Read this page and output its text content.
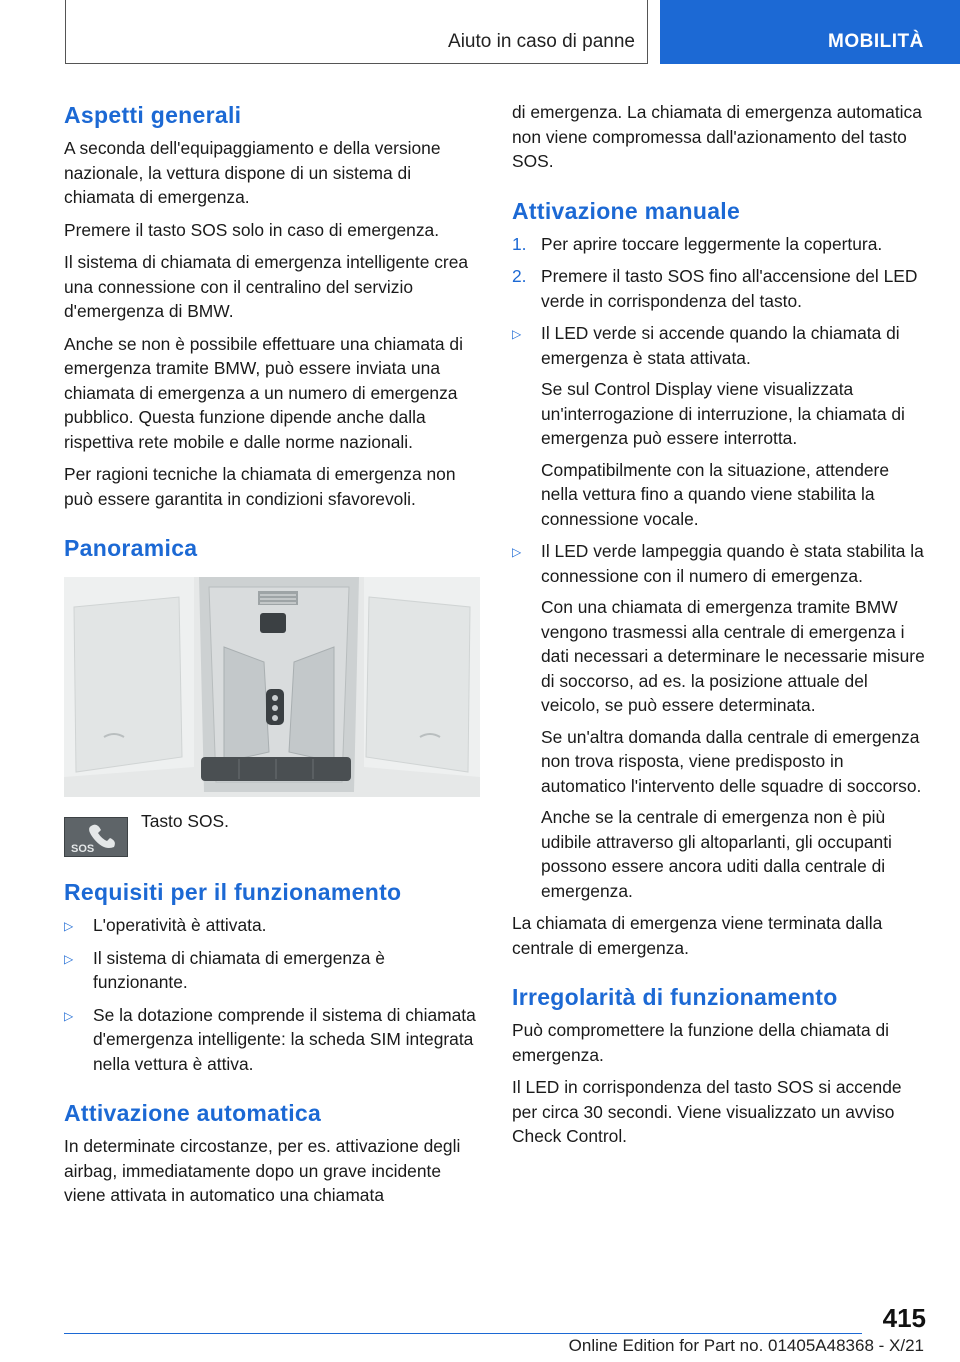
Aiuto in caso di panne	MOBILITÀ
Aspetti generali

A seconda dell'equipaggiamento e della versione nazionale, la vettura dispone di un sistema di chiamata di emergenza.

Premere il tasto SOS solo in caso di emergenza.

Il sistema di chiamata di emergenza intelligente crea una connessione con il centralino del servizio d'emergenza di BMW.

Anche se non è possibile effettuare una chiamata di emergenza tramite BMW, può essere inviata una chiamata di emergenza a un numero di emergenza pubblico. Questa funzione dipende anche dalla rispettiva rete mobile e dalle norme nazionali.

Per ragioni tecniche la chiamata di emergenza non può essere garantita in condizioni sfavorevoli.

Panoramica
SOS
Tasto SOS.
Requisiti per il funzionamento
▷ L'operatività è attivata.
▷ Il sistema di chiamata di emergenza è funzionante.
▷ Se la dotazione comprende il sistema di chiamata d'emergenza intelligente: la scheda SIM integrata nella vettura è attiva.
Attivazione automatica

In determinate circostanze, per es. attivazione degli airbag, immediatamente dopo un grave incidente viene attivata in automatico una chiamata

di emergenza. La chiamata di emergenza automatica non viene compromessa dall'azionamento del tasto SOS.

Attivazione manuale
1. Per aprire toccare leggermente la copertura.
2. Premere il tasto SOS fino all'accensione del LED verde in corrispondenza del tasto.
▷ Il LED verde si accende quando la chiamata di emergenza è stata attivata.

Se sul Control Display viene visualizzata un'interrogazione di interruzione, la chiamata di emergenza può essere interrotta.

Compatibilmente con la situazione, attendere nella vettura fino a quando viene stabilita la connessione vocale.

▷ Il LED verde lampeggia quando è stata stabilita la connessione con il numero di emergenza.

Con una chiamata di emergenza tramite BMW vengono trasmessi alla centrale di emergenza i dati necessari a determinare le necessarie misure di soccorso, ad es. la posizione attuale del veicolo, se può essere determinata.

Se un'altra domanda dalla centrale di emergenza non trova risposta, viene predisposto in automatico l'intervento delle squadre di soccorso.

Anche se la centrale di emergenza non è più udibile attraverso gli altoparlanti, gli occupanti possono essere ancora uditi dalla centrale di emergenza.

La chiamata di emergenza viene terminata dalla centrale di emergenza.

Irregolarità di funzionamento

Può compromettere la funzione della chiamata di emergenza.

Il LED in corrispondenza del tasto SOS si accende per circa 30 secondi. Viene visualizzato un avviso Check Control.

415
Online Edition for Part no. 01405A48368 - X/21
